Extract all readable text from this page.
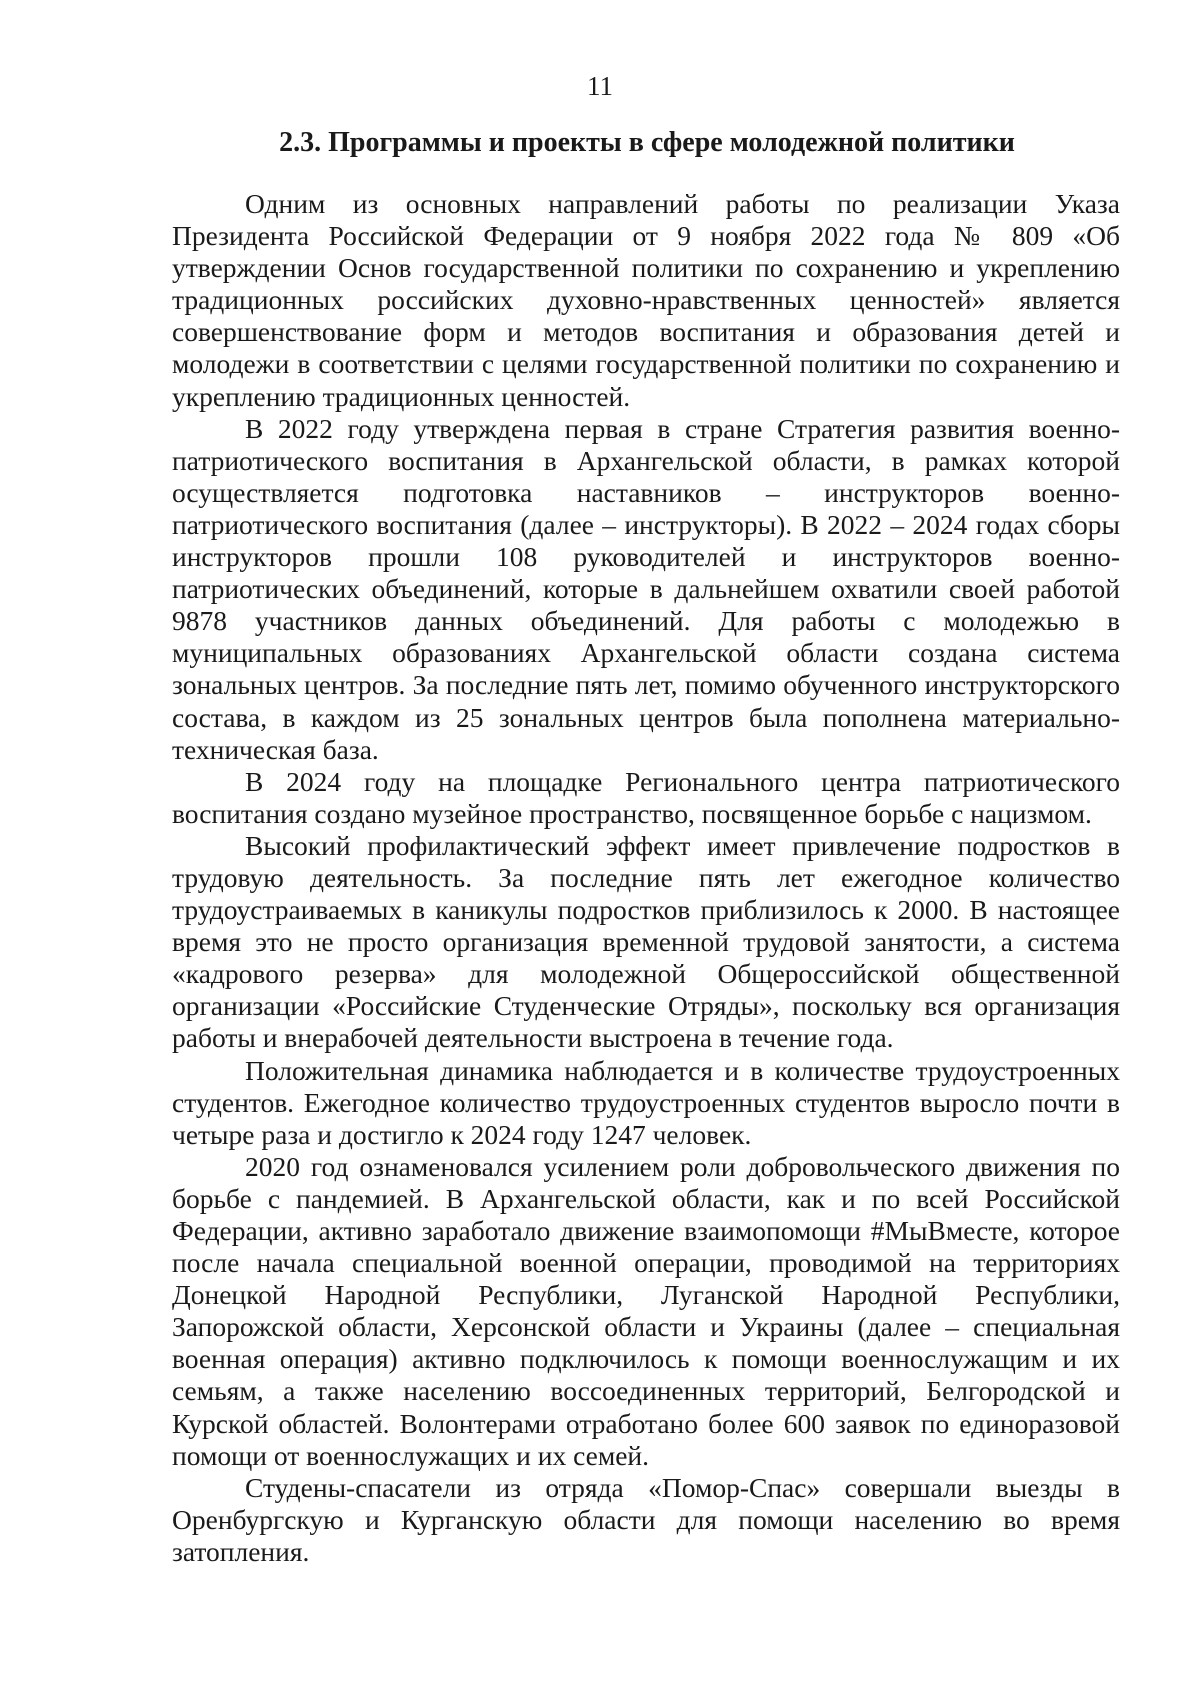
11

2.3. Программы и проекты в сфере молодежной политики

Одним из основных направлений работы по реализации Указа Президента Российской Федерации от 9 ноября 2022 года № 809 «Об утверждении Основ государственной политики по сохранению и укреплению традиционных российских духовно-нравственных ценностей» является совершенствование форм и методов воспитания и образования детей и молодежи в соответствии с целями государственной политики по сохранению и укреплению традиционных ценностей.

В 2022 году утверждена первая в стране Стратегия развития военно-патриотического воспитания в Архангельской области, в рамках которой осуществляется подготовка наставников – инструкторов военно-патриотического воспитания (далее – инструкторы). В 2022 – 2024 годах сборы инструкторов прошли 108 руководителей и инструкторов военно-патриотических объединений, которые в дальнейшем охватили своей работой 9878 участников данных объединений. Для работы с молодежью в муниципальных образованиях Архангельской области создана система зональных центров. За последние пять лет, помимо обученного инструкторского состава, в каждом из 25 зональных центров была пополнена материально-техническая база.

В 2024 году на площадке Регионального центра патриотического воспитания создано музейное пространство, посвященное борьбе с нацизмом.

Высокий профилактический эффект имеет привлечение подростков в трудовую деятельность. За последние пять лет ежегодное количество трудоустраиваемых в каникулы подростков приблизилось к 2000. В настоящее время это не просто организация временной трудовой занятости, а система «кадрового резерва» для молодежной Общероссийской общественной организации «Российские Студенческие Отряды», поскольку вся организация работы и внерабочей деятельности выстроена в течение года.

Положительная динамика наблюдается и в количестве трудоустроенных студентов. Ежегодное количество трудоустроенных студентов выросло почти в четыре раза и достигло к 2024 году 1247 человек.

2020 год ознаменовался усилением роли добровольческого движения по борьбе с пандемией. В Архангельской области, как и по всей Российской Федерации, активно заработало движение взаимопомощи #МыВместе, которое после начала специальной военной операции, проводимой на территориях Донецкой Народной Республики, Луганской Народной Республики, Запорожской области, Херсонской области и Украины (далее – специальная военная операция) активно подключилось к помощи военнослужащим и их семьям, а также населению воссоединенных территорий, Белгородской и Курской областей. Волонтерами отработано более 600 заявок по единоразовой помощи от военнослужащих и их семей.

Студены-спасатели из отряда «Помор-Спас» совершали выезды в Оренбургскую и Курганскую области для помощи населению во время затопления.
